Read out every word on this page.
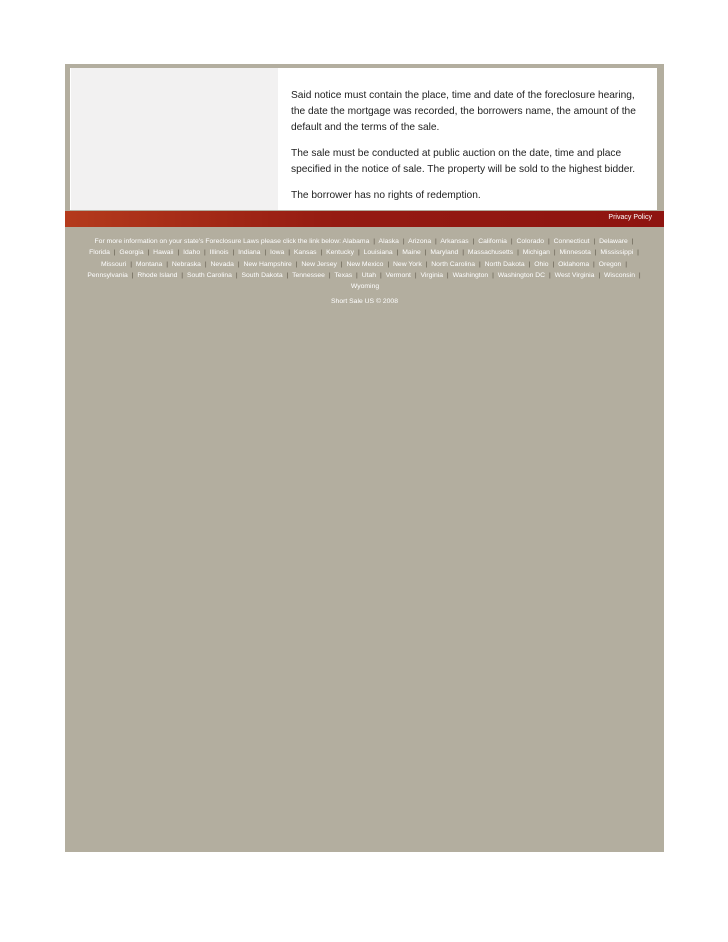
Said notice must contain the place, time and date of the foreclosure hearing, the date the mortgage was recorded, the borrowers name, the amount of the default and the terms of the sale.

The sale must be conducted at public auction on the date, time and place specified in the notice of sale. The property will be sold to the highest bidder.

The borrower has no rights of redemption.

Privacy Policy
For more information on your state's Foreclosure Laws please click the link below: Alabama | Alaska | Arizona | Arkansas | California | Colorado | Connecticut | Delaware | Florida | Georgia | Hawaii | Idaho | Illinois | Indiana | Iowa | Kansas | Kentucky | Louisiana | Maine | Maryland | Massachusetts | Michigan | Minnesota | Mississippi | Missouri | Montana | Nebraska | Nevada | New Hampshire | New Jersey | New Mexico | New York | North Carolina | North Dakota | Ohio | Oklahoma | Oregon | Pennsylvania | Rhode Island | South Carolina | South Dakota | Tennessee | Texas | Utah | Vermont | Virginia | Washington | Washington DC | West Virginia | Wisconsin | Wyoming
Short Sale US © 2008
